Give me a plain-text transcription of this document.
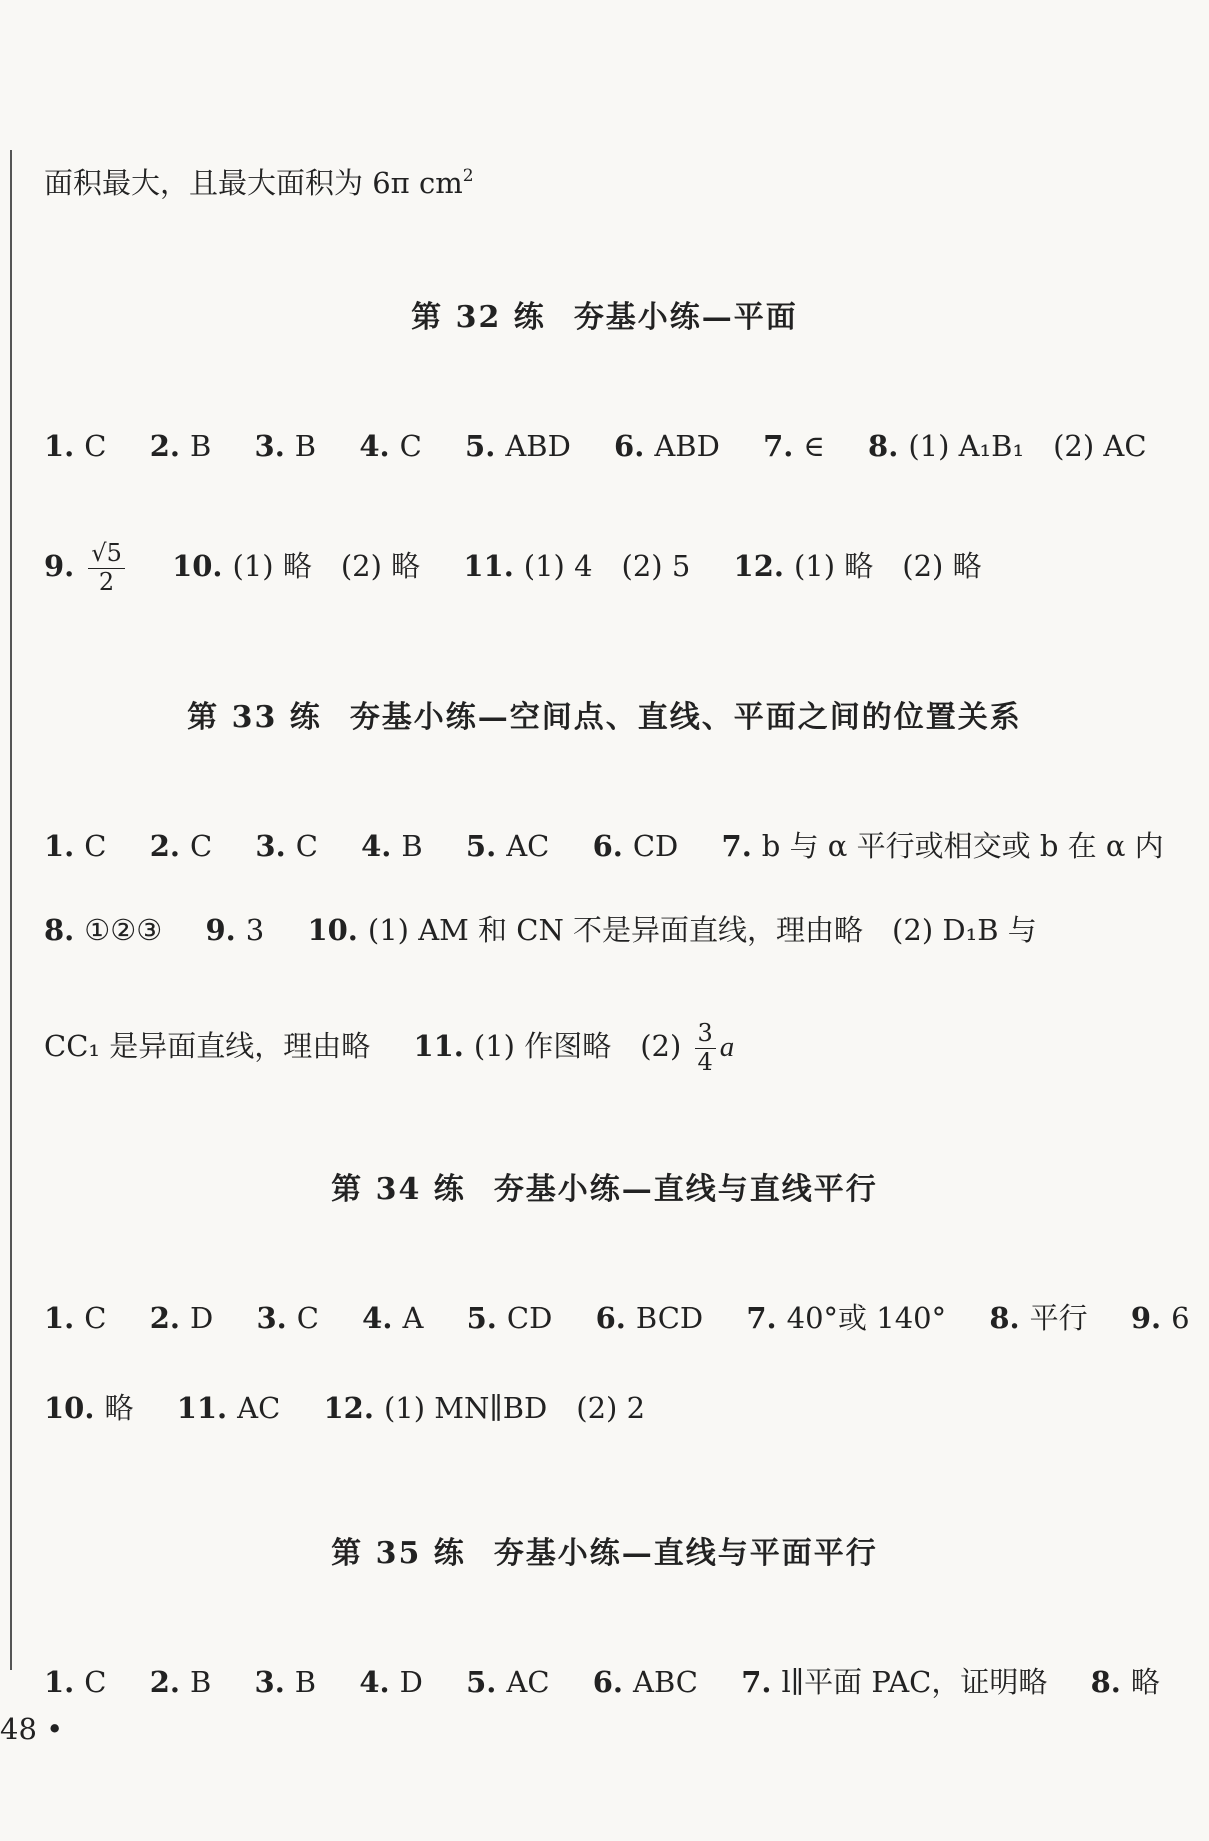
面积最大，且最大面积为 6π $cm^2$
第 32 练 夯基小练—平面
1. C 2. B 3. B 4. C 5. ABD 6. ABD 7. ∈ 8. (1) A₁B₁　(2) AC
9. $\frac{√5}{2} 10$. (1) 略　(2) 略 11. (1) 4　(2) 5 12. (1) 略　(2) 略
第 33 练 夯基小练—空间点、直线、平面之间的位置关系
1. C 2. C 3. C 4. B 5. AC 6. CD 7. b 与 α 平行或相交或 b 在 α 内
8. ①②③ 9. 3 10. (1) AM 和 CN 不是异面直线，理由略　(2) D₁B 与
CC₁ 是异面直线，理由略 11. (1) 作图略　$(2) \frac{3}{4}$ a
第 34 练 夯基小练—直线与直线平行
1. C 2. D 3. C 4. A 5. CD 6. BCD 7. 40°或 140° 8. 平行 9. 6
10. 略 11. AC 12. (1) MN∥BD　(2) 2
第 35 练 夯基小练—直线与平面平行
1. C 2. B 3. B 4. D 5. AC 6. ABC 7. l∥平面 PAC，证明略 8. 略
48 •
